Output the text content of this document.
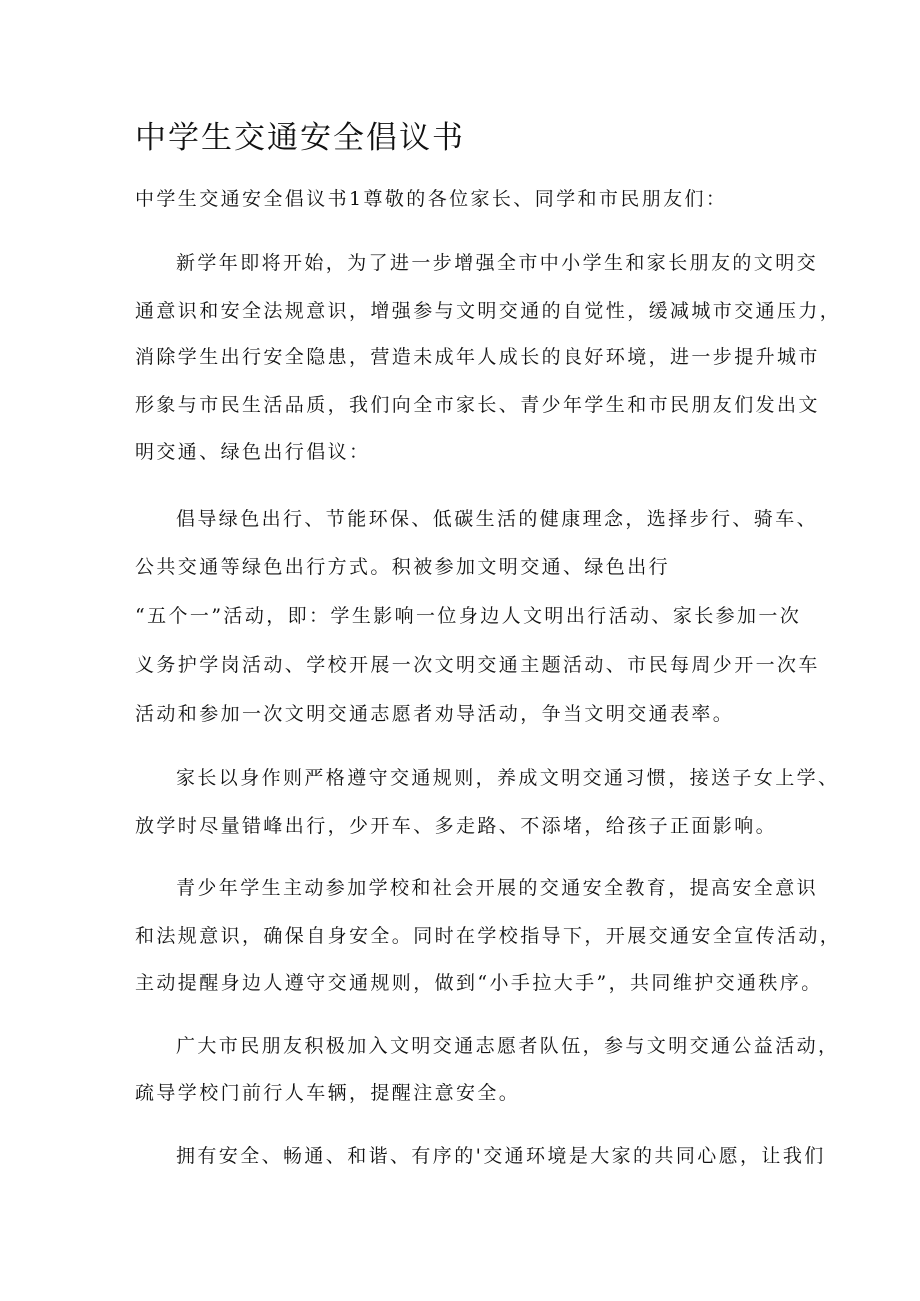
中学生交通安全倡议书

中学生交通安全倡议书1尊敬的各位家长、同学和市民朋友们：

新学年即将开始，为了进一步增强全市中小学生和家长朋友的文明交

通意识和安全法规意识，增强参与文明交通的自觉性，缓减城市交通压力，

消除学生出行安全隐患，营造未成年人成长的良好环境，进一步提升城市

形象与市民生活品质，我们向全市家长、青少年学生和市民朋友们发出文

明交通、绿色出行倡议：

倡导绿色出行、节能环保、低碳生活的健康理念，选择步行、骑车、

公共交通等绿色出行方式。积被参加文明交通、绿色出行

“五个一”活动，即：学生影响一位身边人文明出行活动、家长参加一次

义务护学岗活动、学校开展一次文明交通主题活动、市民每周少开一次车

活动和参加一次文明交通志愿者劝导活动，争当文明交通表率。

家长以身作则严格遵守交通规则，养成文明交通习惯，接送子女上学、

放学时尽量错峰出行，少开车、多走路、不添堵，给孩子正面影响。

青少年学生主动参加学校和社会开展的交通安全教育，提高安全意识

和法规意识，确保自身安全。同时在学校指导下，开展交通安全宣传活动，

主动提醒身边人遵守交通规则，做到“小手拉大手”，共同维护交通秩序。

广大市民朋友积极加入文明交通志愿者队伍，参与文明交通公益活动，

疏导学校门前行人车辆，提醒注意安全。

拥有安全、畅通、和谐、有序的'交通环境是大家的共同心愿，让我们
